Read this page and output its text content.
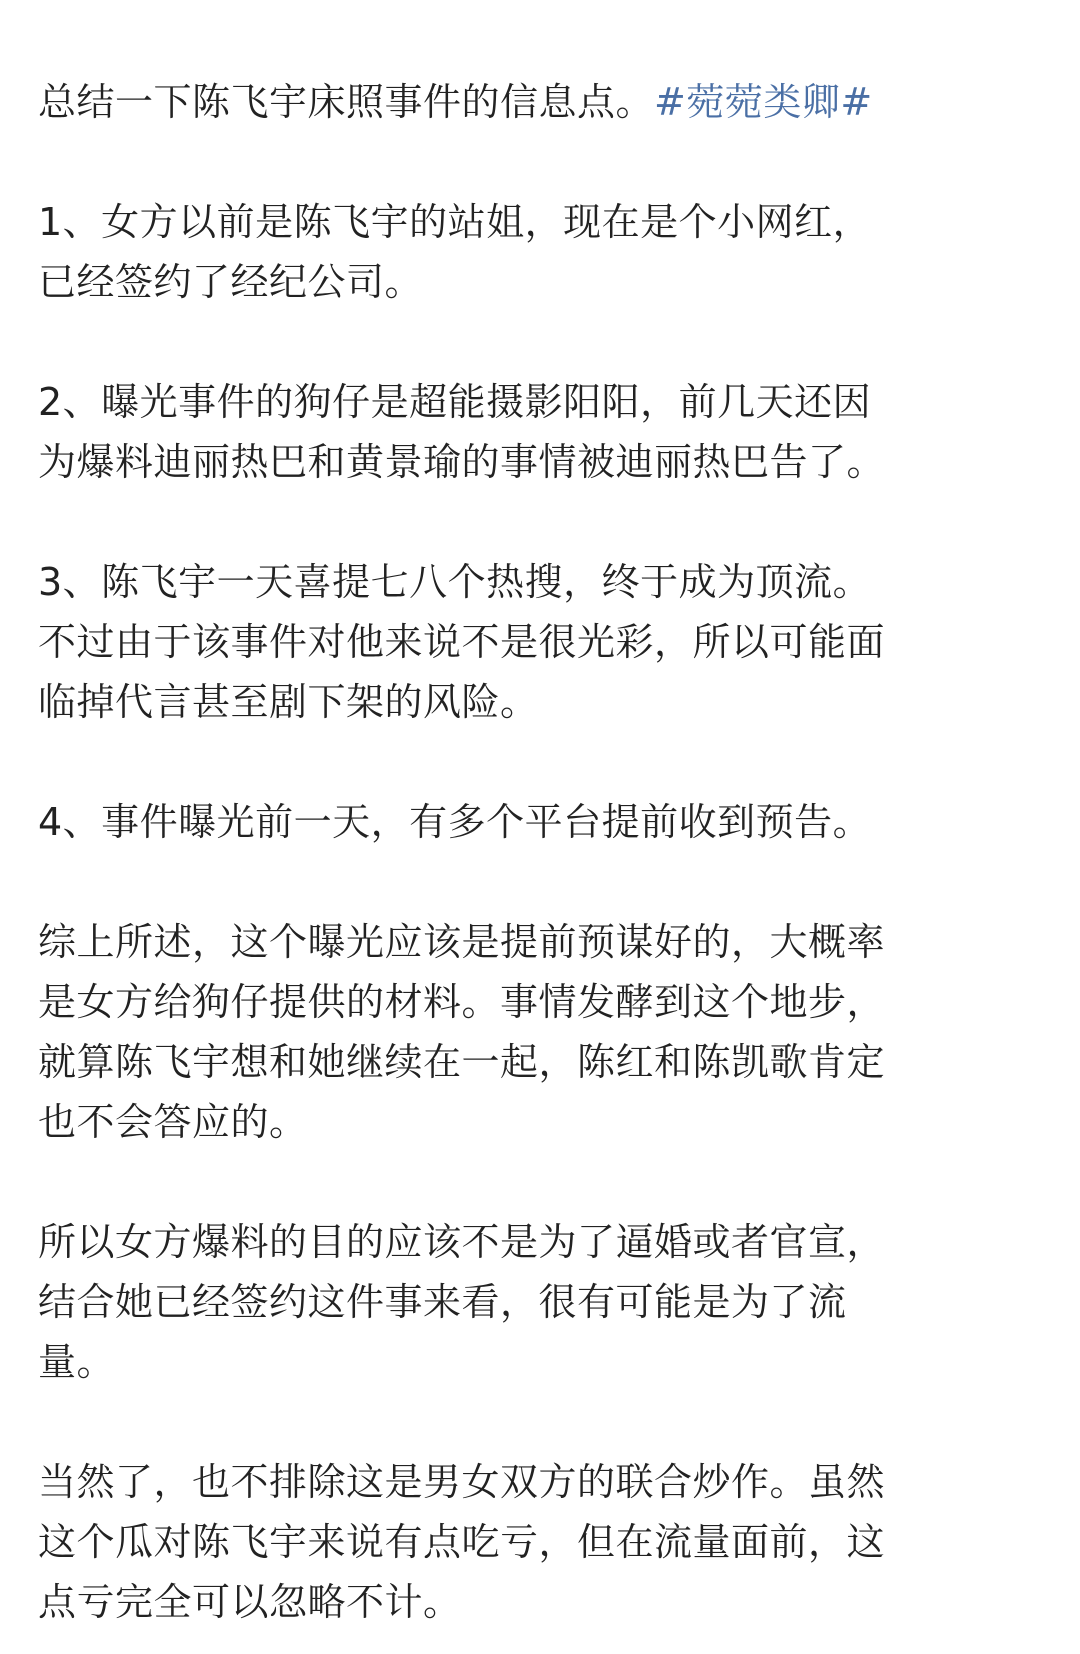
总结一下陈飞宇床照事件的信息点。#菀菀类卿#

1、女方以前是陈飞宇的站姐，现在是个小网红，
已经签约了经纪公司。

2、曝光事件的狗仔是超能摄影阳阳，前几天还因
为爆料迪丽热巴和黄景瑜的事情被迪丽热巴告了。

3、陈飞宇一天喜提七八个热搜，终于成为顶流。
不过由于该事件对他来说不是很光彩，所以可能面
临掉代言甚至剧下架的风险。

4、事件曝光前一天，有多个平台提前收到预告。

综上所述，这个曝光应该是提前预谋好的，大概率
是女方给狗仔提供的材料。事情发酵到这个地步，
就算陈飞宇想和她继续在一起，陈红和陈凯歌肯定
也不会答应的。

所以女方爆料的目的应该不是为了逼婚或者官宣，
结合她已经签约这件事来看，很有可能是为了流
量。

当然了，也不排除这是男女双方的联合炒作。虽然
这个瓜对陈飞宇来说有点吃亏，但在流量面前，这
点亏完全可以忽略不计。
